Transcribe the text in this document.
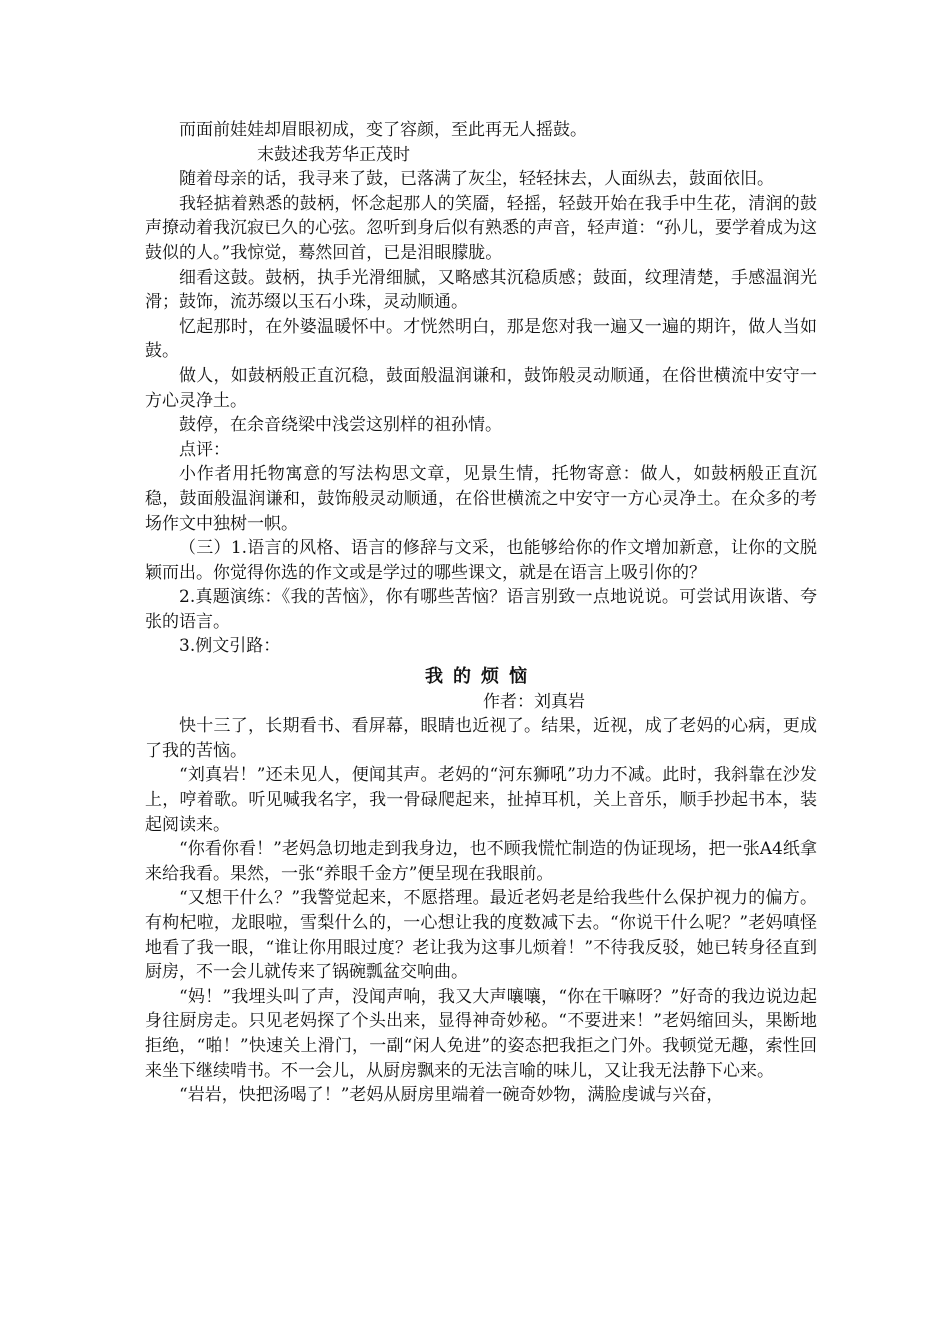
而面前娃娃却眉眼初成，变了容颜，至此再无人摇鼓。

末鼓述我芳华正茂时

随着母亲的话，我寻来了鼓，已落满了灰尘，轻轻抹去，人面纵去，鼓面依旧。

我轻掂着熟悉的鼓柄，怀念起那人的笑靥，轻摇，轻鼓开始在我手中生花，清润的鼓声撩动着我沉寂已久的心弦。忽听到身后似有熟悉的声音，轻声道：“孙儿，要学着成为这鼓似的人。”我惊觉，蓦然回首，已是泪眼朦胧。

细看这鼓。鼓柄，执手光滑细腻，又略感其沉稳质感；鼓面，纹理清楚，手感温润光滑；鼓饰，流苏缀以玉石小珠，灵动顺通。

忆起那时，在外婆温暖怀中。才恍然明白，那是您对我一遍又一遍的期许，做人当如鼓。

做人，如鼓柄般正直沉稳，鼓面般温润谦和，鼓饰般灵动顺通，在俗世横流中安守一方心灵净土。

鼓停，在余音绕梁中浅尝这别样的祖孙情。

点评：

小作者用托物寓意的写法构思文章，见景生情，托物寄意：做人，如鼓柄般正直沉稳，鼓面般温润谦和，鼓饰般灵动顺通，在俗世横流之中安守一方心灵净土。在众多的考场作文中独树一帜。

（三）1.语言的风格、语言的修辞与文采，也能够给你的作文增加新意，让你的文脱颖而出。你觉得你选的作文或是学过的哪些课文，就是在语言上吸引你的？

2.真题演练：《我的苦恼》，你有哪些苦恼？语言别致一点地说说。可尝试用诙谐、夸张的语言。

3.例文引路：

我的烦恼

作者：刘真岩

快十三了，长期看书、看屏幕，眼睛也近视了。结果，近视，成了老妈的心病，更成了我的苦恼。

“刘真岩！”还未见人，便闻其声。老妈的“河东狮吼”功力不减。此时，我斜靠在沙发上，哼着歌。听见喊我名字，我一骨碌爬起来，扯掉耳机，关上音乐，顺手抄起书本，装起阅读来。

“你看你看！”老妈急切地走到我身边，也不顾我慌忙制造的伪证现场，把一张A4纸拿来给我看。果然，一张“养眼千金方”便呈现在我眼前。

“又想干什么？”我警觉起来，不愿搭理。最近老妈老是给我些什么保护视力的偏方。有枸杞啦，龙眼啦，雪梨什么的，一心想让我的度数减下去。“你说干什么呢？”老妈嗔怪地看了我一眼，“谁让你用眼过度？老让我为这事儿烦着！”不待我反驳，她已转身径直到厨房，不一会儿就传来了锅碗瓢盆交响曲。

“妈！”我埋头叫了声，没闻声响，我又大声嚷嚷，“你在干嘛呀？”好奇的我边说边起身往厨房走。只见老妈探了个头出来，显得神奇妙秘。“不要进来！”老妈缩回头，果断地拒绝，“啪！”快速关上滑门，一副“闲人免进”的姿态把我拒之门外。我顿觉无趣，索性回来坐下继续啃书。不一会儿，从厨房飘来的无法言喻的味儿，又让我无法静下心来。

“岩岩，快把汤喝了！”老妈从厨房里端着一碗奇妙物，满脸虔诚与兴奋，
